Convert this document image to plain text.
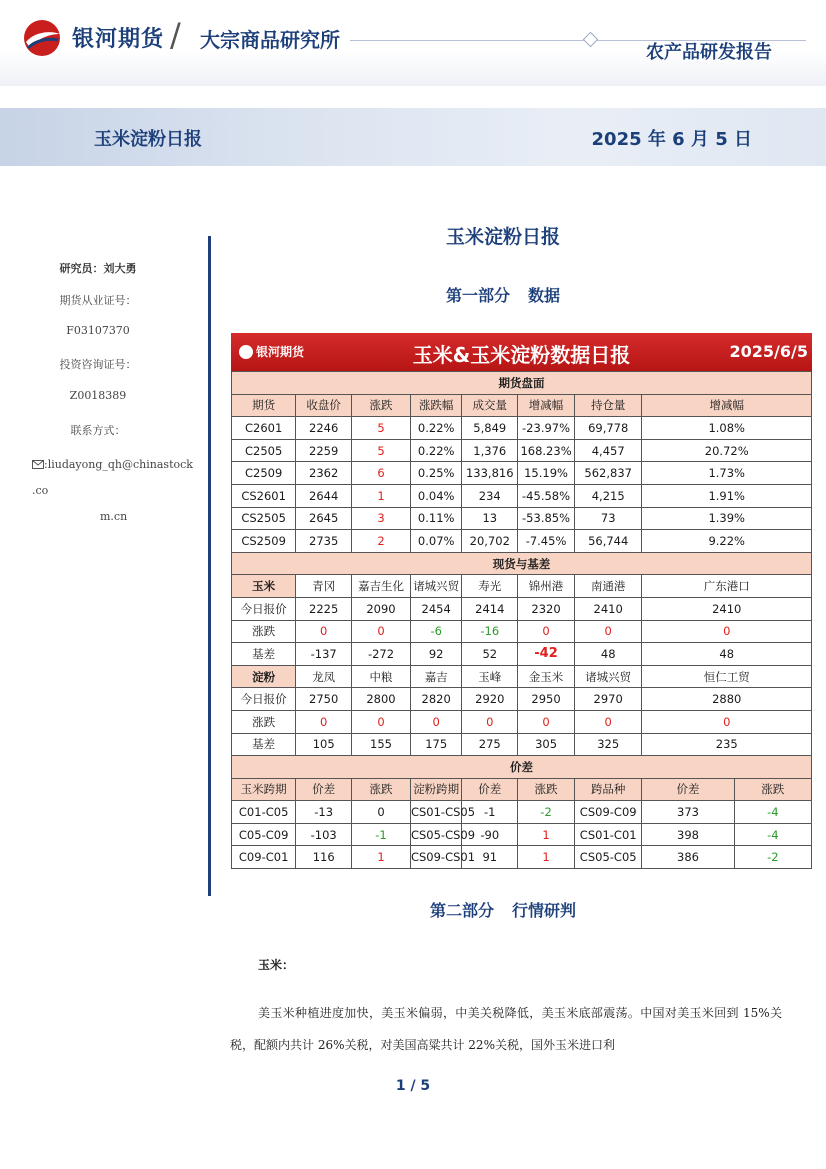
银河期货 / 大宗商品研究所
农产品研发报告
玉米淀粉日报	2025 年 6 月 5 日
研究员：刘大勇
期货从业证号：
F03107370
投资咨询证号：
Z0018389
联系方式：
:liudayong_qh@chinastock .co
m.cn
玉米淀粉日报
第一部分 数据
银河期货	玉米&玉米淀粉数据日报	2025/6/5
期货盘面								
期货	收盘价	涨跌	涨跌幅	成交量	增减幅	持仓量	增减幅	
C2601	2246	5	0.22%	5,849	-23.97%	69,778	1.08%	
C2505	2259	5	0.22%	1,376	168.23%	4,457	20.72%	
C2509	2362	6	0.25%	133,816	15.19%	562,837	1.73%	
CS2601	2644	1	0.04%	234	-45.58%	4,215	1.91%	
CS2505	2645	3	0.11%	13	-53.85%	73	1.39%	
CS2509	2735	2	0.07%	20,702	-7.45%	56,744	9.22%	
现货与基差								
玉米	青冈	嘉吉生化	诸城兴贸	寿光	锦州港	南通港	广东港口	
今日报价	2225	2090	2454	2414	2320	2410	2410	
涨跌	0	0	-6	-16	0	0	0	
基差	-137	-272	92	52	-42	48	48	
淀粉	龙凤	中粮	嘉吉	玉峰	金玉米	诸城兴贸	恒仁工贸	
今日报价	2750	2800	2820	2920	2950	2970	2880	
涨跌	0	0	0	0	0	0	0	
基差	105	155	175	275	305	325	235	
价差								
玉米跨期	价差	涨跌	淀粉跨期	价差	涨跌	跨品种	价差	涨跌
C01-C05	-13	0	CS01-CS05	-1	-2	CS09-C09	373	-4
C05-C09	-103	-1	CS05-CS09	-90	1	CS01-C01	398	-4
C09-C01	116	1	CS09-CS01	91	1	CS05-C05	386	-2
第二部分 行情研判
玉米：
美玉米种植进度加快，美玉米偏弱，中美关税降低，美玉米底部震荡。中国对美玉米回到 15%关税，配额内共计 26%关税，对美国高粱共计 22%关税，国外玉米进口利
1 / 5
